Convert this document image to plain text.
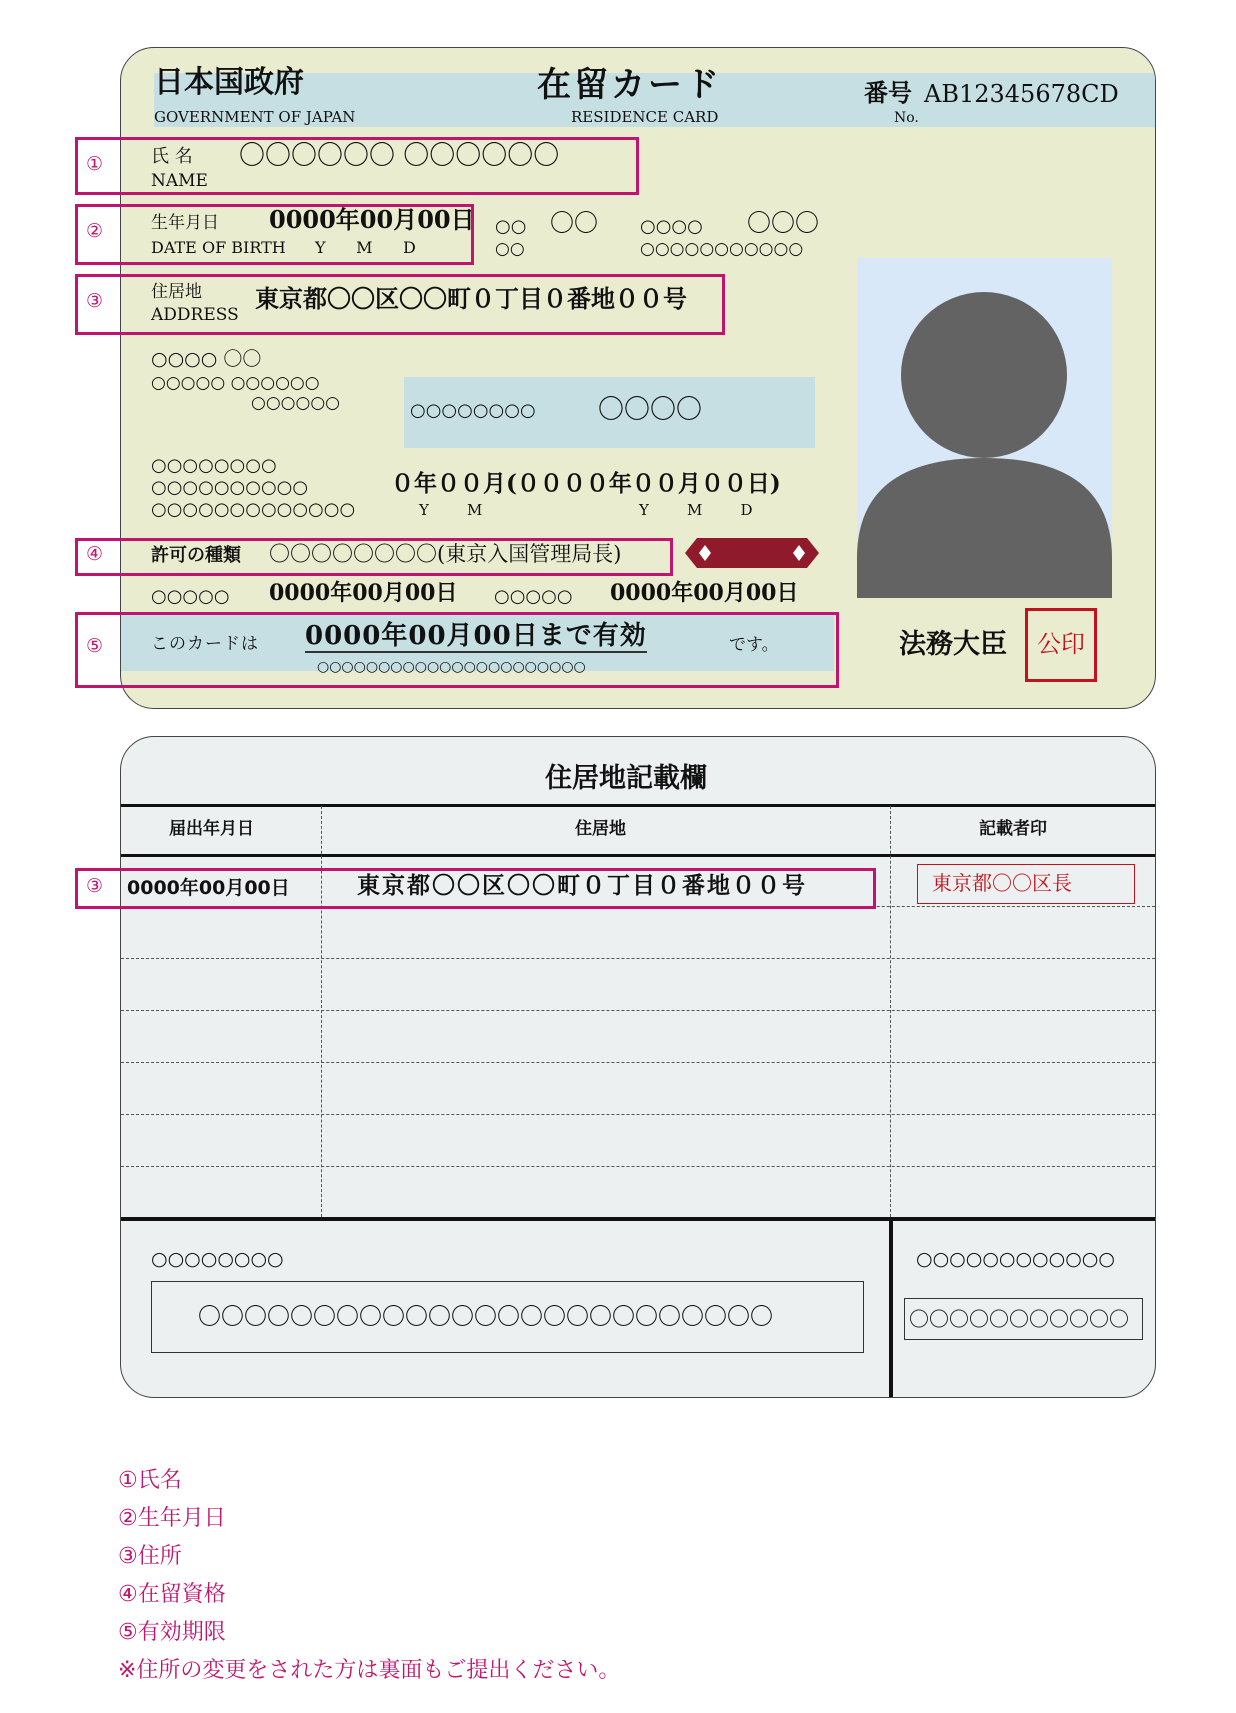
日本国政府
GOVERNMENT OF JAPAN
在留カード
RESIDENCE CARD
番号
No.
AB12345678CD
氏 名
NAME
〇〇〇〇〇〇 〇〇〇〇〇〇
生年月日
DATE OF BIRTH Y      M      D
0000年00月00日 ○○ 〇〇
○○
○○○○ 〇〇〇
○○○○○○○○○○○
住居地
ADDRESS
東京都〇〇区〇〇町０丁目０番地００号
○○○○ 〇〇
○○○○○ ○○○○○○
○○○○○○	○○○○○○○○ 〇〇〇〇
○○○○○○○○
○○○○○○○○○○
○○○○○○○○○○○○○
０年００月(００００年００月００日)
Y        M	Y        M        D
許可の種類 〇〇〇〇〇〇〇〇(東京入国管理局長)
○○○○○ 0000年00月00日 ○○○○○ 0000年00月00日
このカードは 0000年00月00日まで有効	です。
○○○○○○○○○○○○○○○○○○○○○○
法務大臣 公印
①
②
③
④
⑤
住居地記載欄
届出年月日	住居地	記載者印
0000年00月00日	東京都〇〇区〇〇町０丁目０番地００号	東京都〇〇区長
○○○○○○○○
〇〇〇〇〇〇〇〇〇〇〇〇〇〇〇〇〇〇〇〇〇〇〇〇〇
○○○○○○○○○○○○
〇〇〇〇〇〇〇〇〇〇〇
③
①氏名
②生年月日
③住所
④在留資格
⑤有効期限
※住所の変更をされた方は裏面もご提出ください。
